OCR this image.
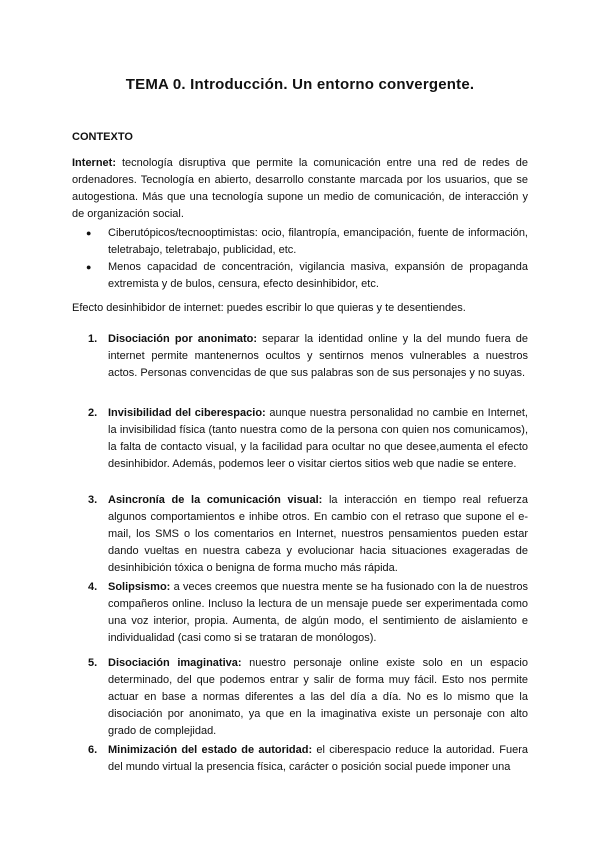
TEMA 0. Introducción. Un entorno convergente.
CONTEXTO
Internet: tecnología disruptiva que permite la comunicación entre una red de redes de ordenadores. Tecnología en abierto, desarrollo constante marcada por los usuarios, que se autogestiona. Más que una tecnología supone un medio de comunicación, de interacción y de organización social.
● Ciberutópicos/tecnooptimistas: ocio, filantropía, emancipación, fuente de información, teletrabajo, teletrabajo, publicidad, etc.
● Menos capacidad de concentración, vigilancia masiva, expansión de propaganda extremista y de bulos, censura, efecto desinhibidor, etc.
Efecto desinhibidor de internet: puedes escribir lo que quieras y te desentiendes.
1. Disociación por anonimato: separar la identidad online y la del mundo fuera de internet permite mantenernos ocultos y sentirnos menos vulnerables a nuestros actos. Personas convencidas de que sus palabras son de sus personajes y no suyas.
2. Invisibilidad del ciberespacio: aunque nuestra personalidad no cambie en Internet, la invisibilidad física (tanto nuestra como de la persona con quien nos comunicamos), la falta de contacto visual, y la facilidad para ocultar no que desee,aumenta el efecto desinhibidor. Además, podemos leer o visitar ciertos sitios web que nadie se entere.
3. Asincronía de la comunicación visual: la interacción en tiempo real refuerza algunos comportamientos e inhibe otros. En cambio con el retraso que supone el e-mail, los SMS o los comentarios en Internet, nuestros pensamientos pueden estar dando vueltas en nuestra cabeza y evolucionar hacia situaciones exageradas de desinhibición tóxica o benigna de forma mucho más rápida.
4. Solipsismo: a veces creemos que nuestra mente se ha fusionado con la de nuestros compañeros online. Incluso la lectura de un mensaje puede ser experimentada como una voz interior, propia. Aumenta, de algún modo, el sentimiento de aislamiento e individualidad (casi como si se trataran de monólogos).
5. Disociación imaginativa: nuestro personaje online existe solo en un espacio determinado, del que podemos entrar y salir de forma muy fácil. Esto nos permite actuar en base a normas diferentes a las del día a día. No es lo mismo que la disociación por anonimato, ya que en la imaginativa existe un personaje con alto grado de complejidad.
6. Minimización del estado de autoridad: el ciberespacio reduce la autoridad. Fuera del mundo virtual la presencia física, carácter o posición social puede imponer una
